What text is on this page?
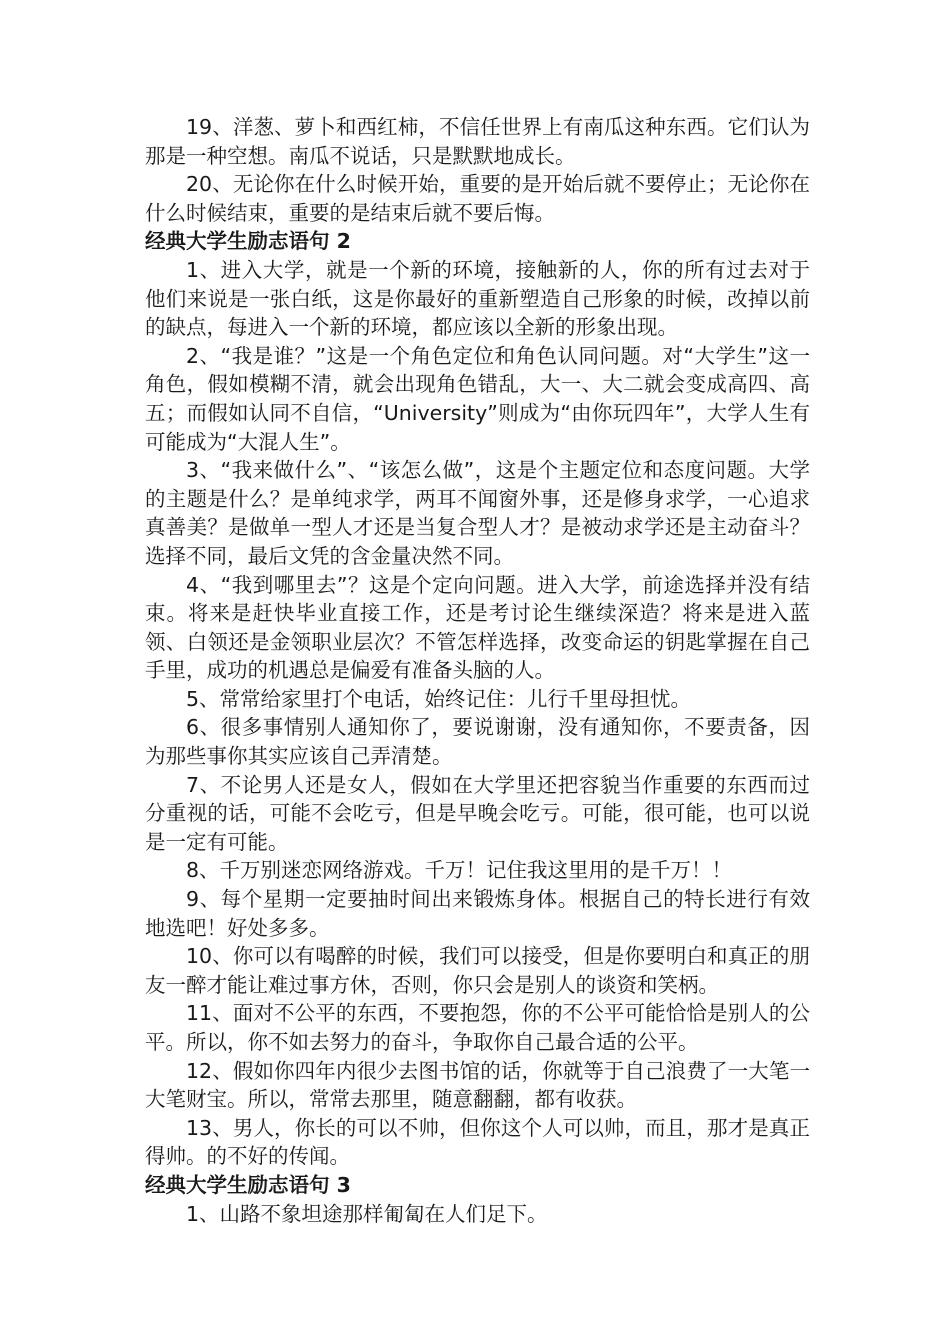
19、洋葱、萝卜和西红柿，不信任世界上有南瓜这种东西。它们认为那是一种空想。南瓜不说话，只是默默地成长。

20、无论你在什么时候开始，重要的是开始后就不要停止；无论你在什么时候结束，重要的是结束后就不要后悔。

经典大学生励志语句 2

1、进入大学，就是一个新的环境，接触新的人，你的所有过去对于他们来说是一张白纸，这是你最好的重新塑造自己形象的时候，改掉以前的缺点，每进入一个新的环境，都应该以全新的形象出现。

2、“我是谁？”这是一个角色定位和角色认同问题。对“大学生”这一角色，假如模糊不清，就会出现角色错乱，大一、大二就会变成高四、高五；而假如认同不自信，“University”则成为“由你玩四年”，大学人生有可能成为“大混人生”。

3、“我来做什么”、“该怎么做”，这是个主题定位和态度问题。大学的主题是什么？是单纯求学，两耳不闻窗外事，还是修身求学，一心追求真善美？是做单一型人才还是当复合型人才？是被动求学还是主动奋斗？选择不同，最后文凭的含金量决然不同。

4、“我到哪里去”？这是个定向问题。进入大学，前途选择并没有结束。将来是赶快毕业直接工作，还是考讨论生继续深造？将来是进入蓝领、白领还是金领职业层次？不管怎样选择，改变命运的钥匙掌握在自己手里，成功的机遇总是偏爱有准备头脑的人。

5、常常给家里打个电话，始终记住：儿行千里母担忧。

6、很多事情别人通知你了，要说谢谢，没有通知你，不要责备，因为那些事你其实应该自己弄清楚。

7、不论男人还是女人，假如在大学里还把容貌当作重要的东西而过分重视的话，可能不会吃亏，但是早晚会吃亏。可能，很可能，也可以说是一定有可能。

8、千万别迷恋网络游戏。千万！记住我这里用的是千万！！

9、每个星期一定要抽时间出来锻炼身体。根据自己的特长进行有效地选吧！好处多多。

10、你可以有喝醉的时候，我们可以接受，但是你要明白和真正的朋友一醉才能让难过事方休，否则，你只会是别人的谈资和笑柄。

11、面对不公平的东西，不要抱怨，你的不公平可能恰恰是别人的公平。所以，你不如去努力的奋斗，争取你自己最合适的公平。

12、假如你四年内很少去图书馆的话，你就等于自己浪费了一大笔一大笔财宝。所以，常常去那里，随意翻翻，都有收获。

13、男人，你长的可以不帅，但你这个人可以帅，而且，那才是真正得帅。的不好的传闻。

经典大学生励志语句 3

1、山路不象坦途那样匍匐在人们足下。
